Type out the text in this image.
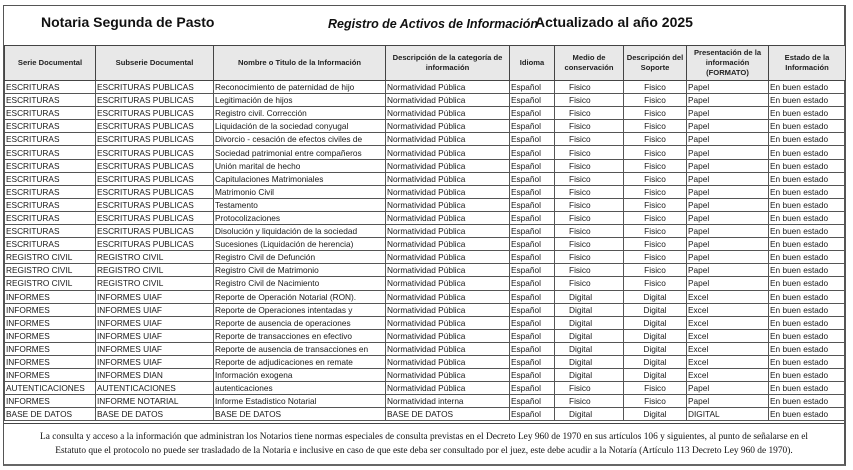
Notaria Segunda de Pasto	Registro de Activos de Información
Actualizado al año 2025
Serie Documental	Subserie Documental	Nombre o Titulo de la Información	Descripción de la categoría de información	Idioma	Medio de conservación	Descripción del Soporte	Presentación de la información (FORMATO)	Estado de la Información
ESCRITURAS	ESCRITURAS PUBLICAS	Reconocimiento de paternidad de hijo	Normatividad Pública	Español	Fisico	Fisico	Papel	En buen estado
ESCRITURAS	ESCRITURAS PUBLICAS	Legitimación de hijos	Normatividad Pública	Español	Fisico	Fisico	Papel	En buen estado
ESCRITURAS	ESCRITURAS PUBLICAS	Registro civil. Corrección	Normatividad Pública	Español	Fisico	Fisico	Papel	En buen estado
ESCRITURAS	ESCRITURAS PUBLICAS	Liquidación de la sociedad conyugal	Normatividad Pública	Español	Fisico	Fisico	Papel	En buen estado
ESCRITURAS	ESCRITURAS PUBLICAS	Divorcio - cesación de efectos civiles de	Normatividad Pública	Español	Fisico	Fisico	Papel	En buen estado
ESCRITURAS	ESCRITURAS PUBLICAS	Sociedad patrimonial entre compañeros	Normatividad Pública	Español	Fisico	Fisico	Papel	En buen estado
ESCRITURAS	ESCRITURAS PUBLICAS	Unión marital de hecho	Normatividad Pública	Español	Fisico	Fisico	Papel	En buen estado
ESCRITURAS	ESCRITURAS PUBLICAS	Capitulaciones Matrimoniales	Normatividad Pública	Español	Fisico	Fisico	Papel	En buen estado
ESCRITURAS	ESCRITURAS PUBLICAS	Matrimonio Civil	Normatividad Pública	Español	Fisico	Fisico	Papel	En buen estado
ESCRITURAS	ESCRITURAS PUBLICAS	Testamento	Normatividad Pública	Español	Fisico	Fisico	Papel	En buen estado
ESCRITURAS	ESCRITURAS PUBLICAS	Protocolizaciones	Normatividad Pública	Español	Fisico	Fisico	Papel	En buen estado
ESCRITURAS	ESCRITURAS PUBLICAS	Disolución y liquidación de la sociedad	Normatividad Pública	Español	Fisico	Fisico	Papel	En buen estado
ESCRITURAS	ESCRITURAS PUBLICAS	Sucesiones (Liquidación de herencia)	Normatividad Pública	Español	Fisico	Fisico	Papel	En buen estado
REGISTRO CIVIL	REGISTRO CIVIL	Registro Civil de Defunción	Normatividad Pública	Español	Fisico	Fisico	Papel	En buen estado
REGISTRO CIVIL	REGISTRO CIVIL	Registro Civil de Matrimonio	Normatividad Pública	Español	Fisico	Fisico	Papel	En buen estado
REGISTRO CIVIL	REGISTRO CIVIL	Registro Civil de Nacimiento	Normatividad Pública	Español	Fisico	Fisico	Papel	En buen estado
INFORMES	INFORMES UIAF	Reporte de Operación Notarial (RON).	Normatividad Pública	Español	Digital	Digital	Excel	En buen estado
INFORMES	INFORMES UIAF	Reporte de Operaciones intentadas y	Normatividad Pública	Español	Digital	Digital	Excel	En buen estado
INFORMES	INFORMES UIAF	Reporte de ausencia de operaciones	Normatividad Pública	Español	Digital	Digital	Excel	En buen estado
INFORMES	INFORMES UIAF	Reporte de transacciones en efectivo	Normatividad Pública	Español	Digital	Digital	Excel	En buen estado
INFORMES	INFORMES UIAF	Reporte de ausencia de transacciones en	Normatividad Pública	Español	Digital	Digital	Excel	En buen estado
INFORMES	INFORMES UIAF	Reporte de adjudicaciones en remate	Normatividad Pública	Español	Digital	Digital	Excel	En buen estado
INFORMES	INFORMES DIAN	Información exogena	Normatividad Pública	Español	Digital	Digital	Excel	En buen estado
AUTENTICACIONES	AUTENTICACIONES	autenticaciones	Normatividad Pública	Español	Fisico	Fisico	Papel	En buen estado
INFORMES	INFORME NOTARIAL	Informe Estadistico Notarial	Normatividad interna	Español	Fisico	Fisico	Papel	En buen estado
BASE DE DATOS	BASE DE DATOS	BASE DE DATOS	BASE DE DATOS	Español	Digital	Digital	DIGITAL	En buen estado
La consulta y acceso a la información que administran los Notarios tiene normas especiales de consulta previstas en el Decreto Ley 960 de 1970 en sus artículos 106 y siguientes, al punto de señalarse en el
Estatuto que el protocolo no puede ser trasladado de la Notaria e inclusive en caso de que este deba ser consultado por el juez, este debe acudir a la Notaría (Artículo 113 Decreto Ley 960 de 1970).
